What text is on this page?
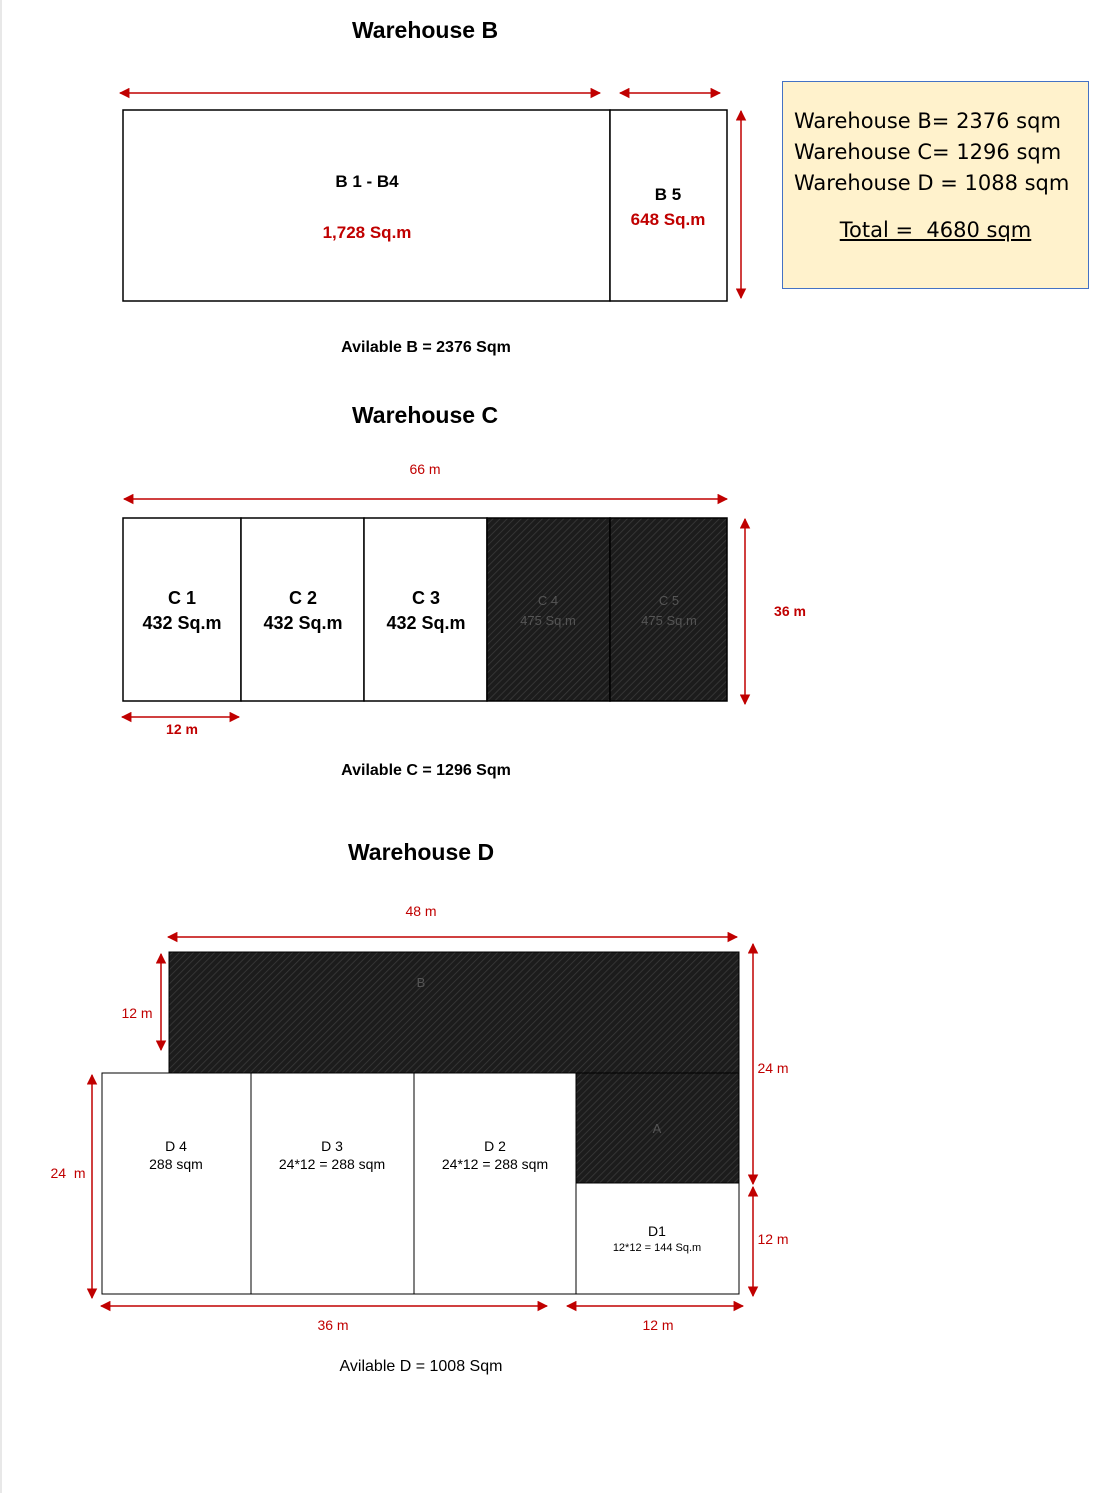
Warehouse B
B 1 - B4
1,728 Sq.m
B 5
648 Sq.m
Avilable B = 2376 Sqm
Warehouse C
66 m
36 m
C 1
432 Sq.m
C 2
432 Sq.m
C 3
432 Sq.m
C 4
475 Sq.m
C 5
475 Sq.m
12 m
Avilable C = 1296 Sqm
Warehouse D
48 m
12 m
B
24 m
24  m
D 4
288 sqm
D 3
24*12 = 288 sqm
D 2
24*12 = 288 sqm
A
D1
12*12 = 144 Sq.m
12 m
36 m	12 m
Avilable D = 1008 Sqm
Warehouse B= 2376 sqm
Warehouse C= 1296 sqm
Warehouse D = 1088 sqm
Total =  4680 sqm
